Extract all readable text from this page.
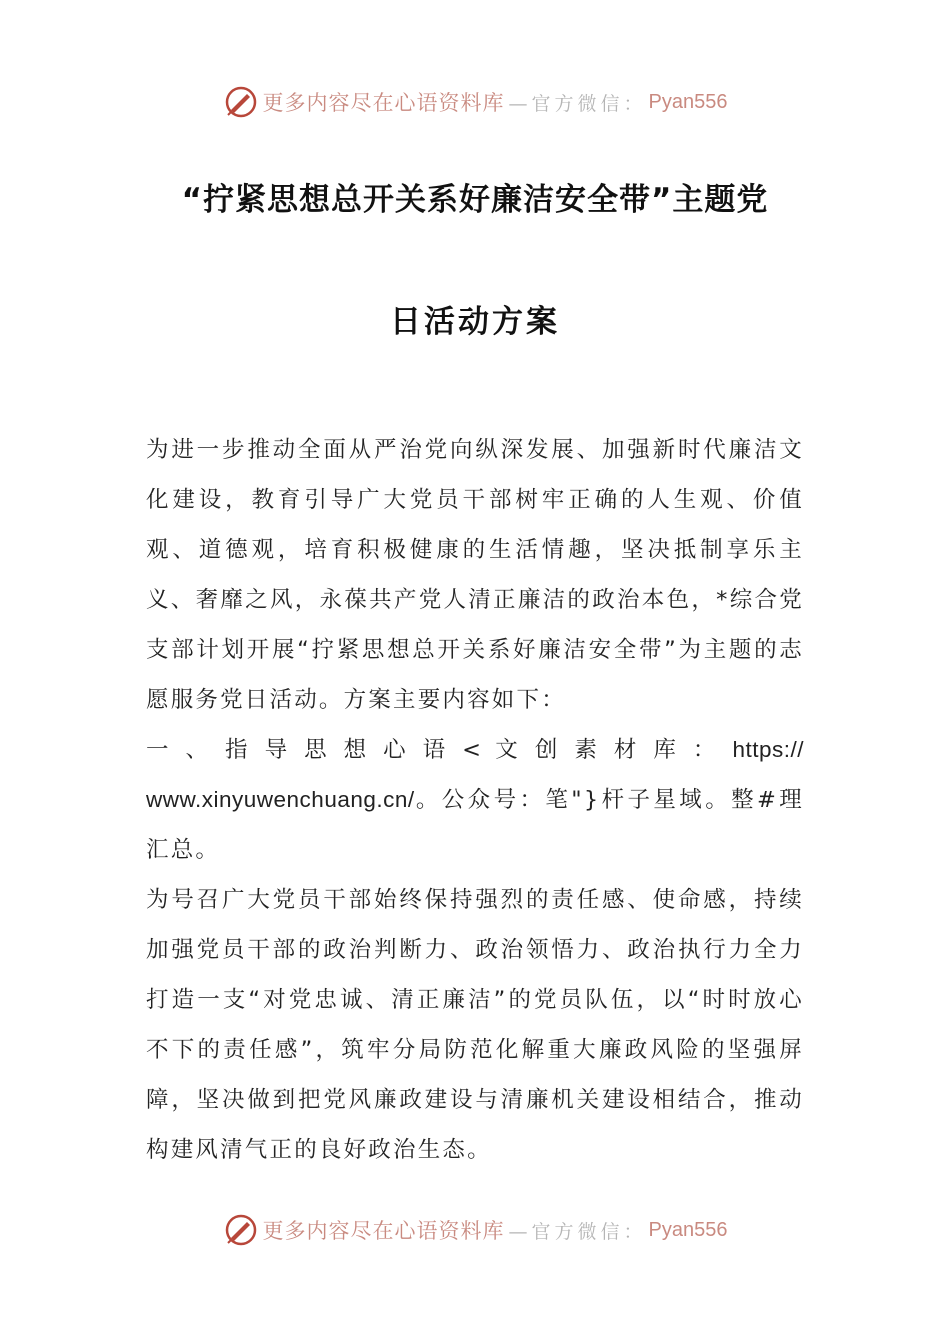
更多内容尽在心语资料库 —官方微信： Pyan556
“拧紧思想总开关系好廉洁安全带”主题党
日活动方案

为进一步推动全面从严治党向纵深发展、加强新时代廉洁文化建设，教育引导广大党员干部树牢正确的人生观、价值观、道德观，培育积极健康的生活情趣，坚决抵制享乐主义、奢靡之风，永葆共产党人清正廉洁的政治本色，*综合党支部计划开展“拧紧思想总开关系好廉洁安全带”为主题的志愿服务党日活动。方案主要内容如下：

一 、 指 导 思 想 心 语 < 文 创 素 材 库 ： https://

www.xinyuwenchuang.cn/。公众号：笔"}杆子星域。整#理

汇总。

为号召广大党员干部始终保持强烈的责任感、使命感，持续加强党员干部的政治判断力、政治领悟力、政治执行力全力打造一支“对党忠诚、清正廉洁”的党员队伍，以“时时放心不下的责任感”，筑牢分局防范化解重大廉政风险的坚强屏障，坚决做到把党风廉政建设与清廉机关建设相结合，推动构建风清气正的良好政治生态。

更多内容尽在心语资料库 —官方微信： Pyan556
